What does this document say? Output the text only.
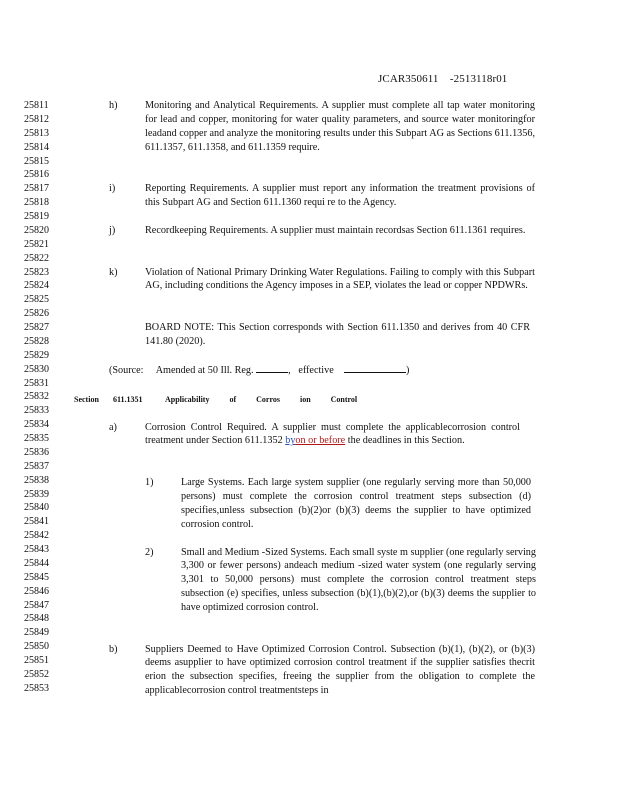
JCAR350611    -2513118r01
25811
25812
25813
25814
25815
25816
25817
25818
25819
25820
25821
25822
25823
25824
25825
25826
25827
25828
25829
25830
25831
25832
25833
25834
25835
25836
25837
25838
25839
25840
25841
25842
25843
25844
25845
25846
25847
25848
25849
25850
25851
25852
25853
h)	Monitoring and Analytical Requirements. A supplier must complete all tap water monitoring for lead and copper, monitoring for water quality parameters, and source water monitoringfor leadand copper and analyze the monitoring results under this Subpart AG as Sections 611.1356, 611.1357, 611.1358, and 611.1359 require.
i)	Reporting Requirements. A supplier must report any information the treatment provisions of this Subpart AG and Section 611.1360 requi re to the Agency.
j)	Recordkeeping Requirements. A supplier must maintain recordsas Section 611.1361 requires.
k)	Violation of National Primary Drinking Water Regulations. Failing to comply with this Subpart AG, including conditions the Agency imposes in a SEP, violates the lead or copper NPDWRs.
BOARD NOTE: This Section corresponds with Section 611.1350 and derives from 40 CFR 141.80 (2020).
(Source: Amended at 50 Ill. Reg.	,   effective	)
Section 611.1351	Applicability of Corros ion Control
a)	Corrosion Control Required. A supplier must complete the applicablecorrosion control treatment under Section 611.1352 byon or before the deadlines in this Section.
1)	Large Systems. Each large system supplier (one regularly serving more than 50,000 persons) must complete the corrosion control treatment steps subsection (d) specifies,unless subsection (b)(2)or (b)(3) deems the supplier to have optimized corrosion control.
2)	Small and Medium -Sized Systems. Each small syste m supplier (one regularly serving 3,300 or fewer persons) andeach medium -sized water system (one regularly serving 3,301 to 50,000 persons) must complete the corrosion control treatment steps subsection (e) specifies, unless subsection (b)(1),(b)(2),or (b)(3) deems the supplier to have optimized corrosion control.
b)	Suppliers Deemed to Have Optimized Corrosion Control. Subsection (b)(1), (b)(2), or (b)(3) deems asupplier to have optimized corrosion control treatment if the supplier satisfies thecrit erion the subsection specifies, freeing the supplier from the obligation to complete the applicablecorrosion control treatmentsteps in
